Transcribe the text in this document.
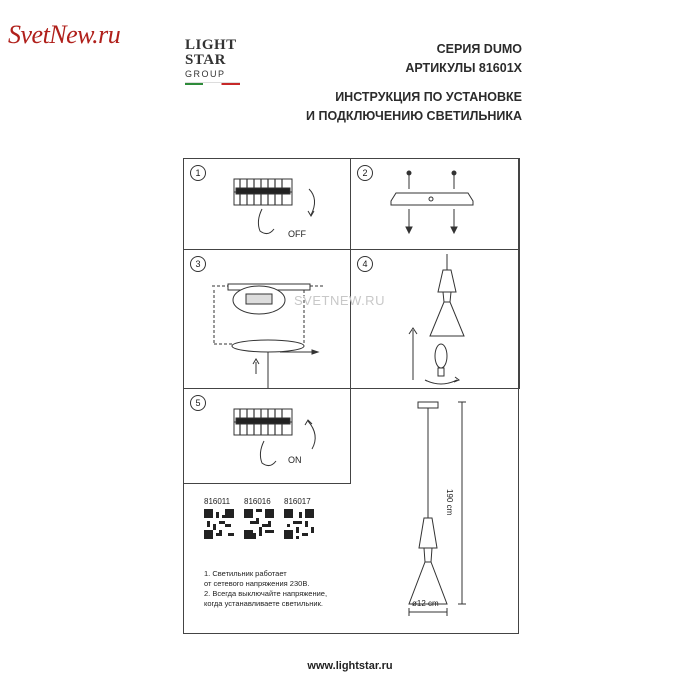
SvetNew.ru	LIGHT
STAR
GROUP
СЕРИЯ DUMO
АРТИКУЛЫ 81601X
ИНСТРУКЦИЯ ПО УСТАНОВКЕ
И ПОДКЛЮЧЕНИЮ СВЕТИЛЬНИКА
1
OFF
2
3	4
5
ON
190 cm
ø12 cm
816011 816016 816017
1. Светильник работает
от сетевого напряжения 230В.
2. Всегда выключайте напряжение,
когда устанавливаете светильник.
SVETNEW.RU
www.lightstar.ru
